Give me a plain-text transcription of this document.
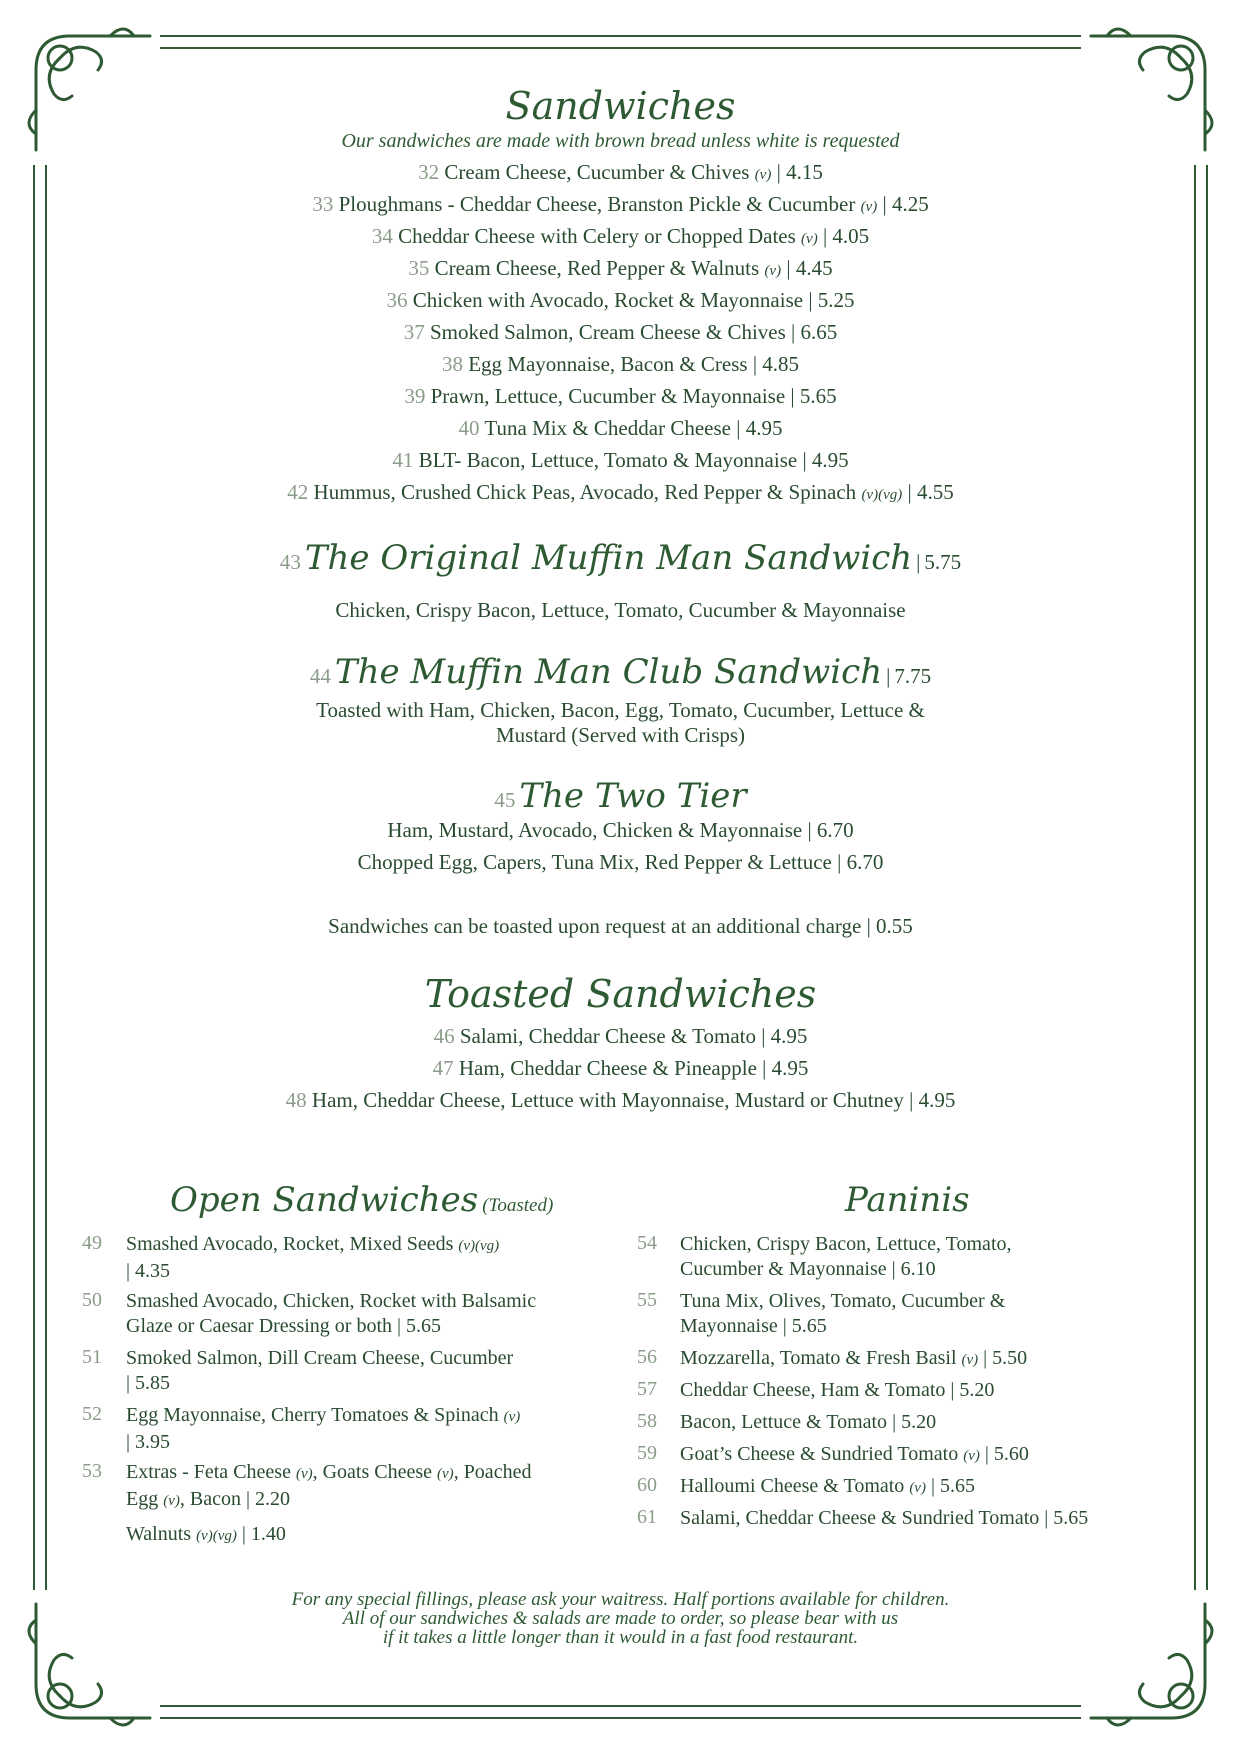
Sandwiches
Our sandwiches are made with brown bread unless white is requested
32 Cream Cheese, Cucumber & Chives (v) | 4.15
33 Ploughmans - Cheddar Cheese, Branston Pickle & Cucumber (v) | 4.25
34 Cheddar Cheese with Celery or Chopped Dates (v) | 4.05
35 Cream Cheese, Red Pepper & Walnuts (v) | 4.45
36 Chicken with Avocado, Rocket & Mayonnaise | 5.25
37 Smoked Salmon, Cream Cheese & Chives | 6.65
38 Egg Mayonnaise, Bacon & Cress | 4.85
39 Prawn, Lettuce, Cucumber & Mayonnaise | 5.65
40 Tuna Mix & Cheddar Cheese | 4.95
41 BLT- Bacon, Lettuce, Tomato & Mayonnaise | 4.95
42 Hummus, Crushed Chick Peas, Avocado, Red Pepper & Spinach (v)(vg) | 4.55
43 The Original Muffin Man Sandwich | 5.75
Chicken, Crispy Bacon, Lettuce, Tomato, Cucumber & Mayonnaise
44 The Muffin Man Club Sandwich | 7.75
Toasted with Ham, Chicken, Bacon, Egg, Tomato, Cucumber, Lettuce &
Mustard (Served with Crisps)
45 The Two Tier
Ham, Mustard, Avocado, Chicken & Mayonnaise | 6.70
Chopped Egg, Capers, Tuna Mix, Red Pepper & Lettuce | 6.70
Sandwiches can be toasted upon request at an additional charge | 0.55
Toasted Sandwiches
46 Salami, Cheddar Cheese & Tomato | 4.95
47 Ham, Cheddar Cheese & Pineapple | 4.95
48 Ham, Cheddar Cheese, Lettuce with Mayonnaise, Mustard or Chutney | 4.95
Open Sandwiches (Toasted)
49 Smashed Avocado, Rocket, Mixed Seeds (v)(vg)
| 4.35
50 Smashed Avocado, Chicken, Rocket with Balsamic
Glaze or Caesar Dressing or both | 5.65
51 Smoked Salmon, Dill Cream Cheese, Cucumber
| 5.85
52 Egg Mayonnaise, Cherry Tomatoes & Spinach (v)
| 3.95
53 Extras - Feta Cheese (v), Goats Cheese (v), Poached
Egg (v), Bacon | 2.20
Walnuts (v)(vg) | 1.40
Paninis
54 Chicken, Crispy Bacon, Lettuce, Tomato,
Cucumber & Mayonnaise | 6.10
55 Tuna Mix, Olives, Tomato, Cucumber &
Mayonnaise | 5.65
56 Mozzarella, Tomato & Fresh Basil (v) | 5.50
57 Cheddar Cheese, Ham & Tomato | 5.20
58 Bacon, Lettuce & Tomato | 5.20
59 Goat’s Cheese & Sundried Tomato (v) | 5.60
60 Halloumi Cheese & Tomato (v) | 5.65
61 Salami, Cheddar Cheese & Sundried Tomato | 5.65
For any special fillings, please ask your waitress. Half portions available for children.
All of our sandwiches & salads are made to order, so please bear with us
if it takes a little longer than it would in a fast food restaurant.
